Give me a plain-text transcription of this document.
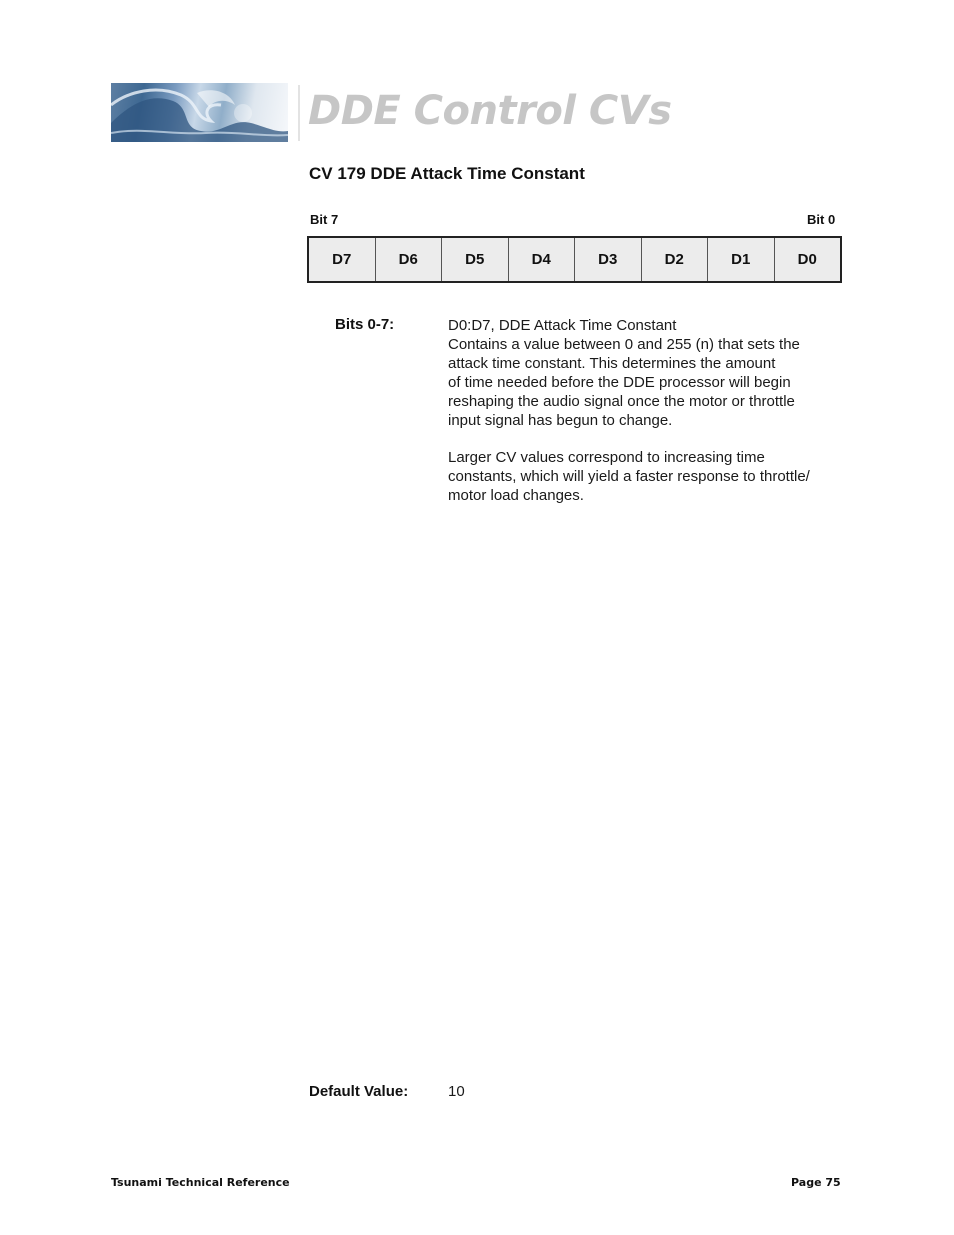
DDE Control CVs
CV 179 DDE Attack Time Constant
Bit 7	Bit 0
D7	D6	D5	D4	D3	D2	D1	D0
Bits 0-7:	D0:D7, DDE Attack Time Constant
Contains a value between 0 and 255 (n) that sets the
attack time constant. This determines the amount
of time needed before the DDE processor will begin
reshaping the audio signal once the motor or throttle
input signal has begun to change.
Larger CV values correspond to increasing time
constants, which will yield a faster response to throttle/
motor load changes.
Default Value:	10
Tsunami Technical Reference	Page 75
